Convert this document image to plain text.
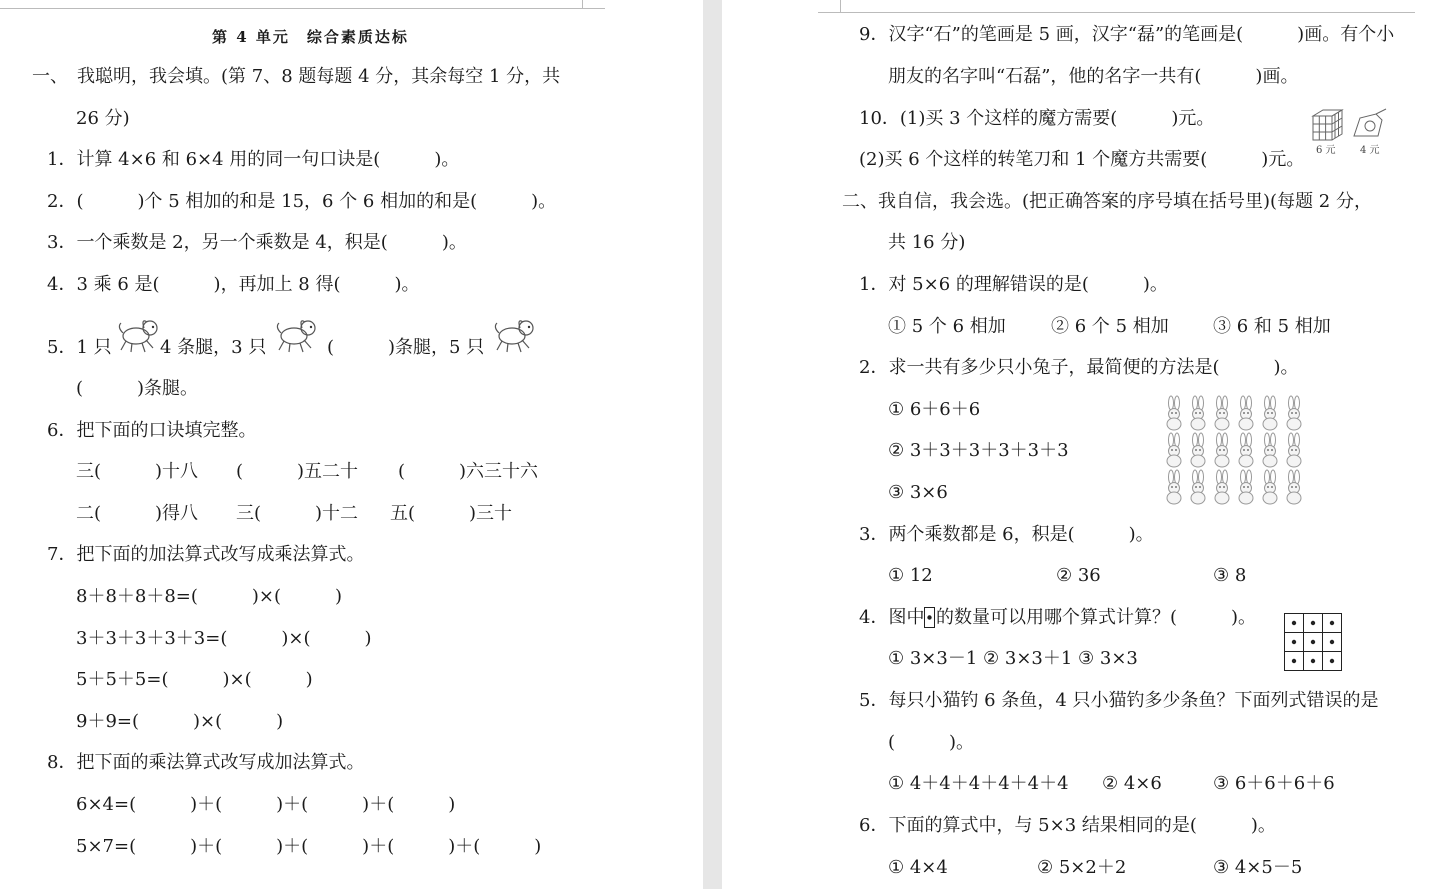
第 4 单元　综合素质达标
一、　我聪明，我会填。(第 7、8 题每题 4 分，其余每空 1 分，共
26 分)
1．计算 4×6 和 6×4 用的同一句口诀是(　　　)。
2．(　　　)个 5 相加的和是 15，6 个 6 相加的和是(　　　)。
3．一个乘数是 2，另一个乘数是 4，积是(　　　)。
4．3 乘 6 是(　　　)，再加上 8 得(　　　)。
5．1 只	4 条腿，3 只	(　　　)条腿，5 只
(　　　)条腿。
6．把下面的口诀填完整。
三(　　　)十八 (　　　)五二十 (　　　)六三十六
二(　　　)得八 三(　　　)十二 五(　　　)三十
7．把下面的加法算式改写成乘法算式。
8＋8＋8＋8=(　　　)×(　　　)
3＋3＋3＋3＋3=(　　　)×(　　　)
5＋5＋5=(　　　)×(　　　)
9＋9=(　　　)×(　　　)
8．把下面的乘法算式改写成加法算式。
6×4=(　　　)＋(　　　)＋(　　　)＋(　　　)
5×7=(　　　)＋(　　　)＋(　　　)＋(　　　)＋(　　　)
9．汉字“石”的笔画是 5 画，汉字“磊”的笔画是(　　　)画。有个小
朋友的名字叫“石磊”，他的名字一共有(　　　)画。
10．(1)买 3 个这样的魔方需要(　　　)元。
(2)买 6 个这样的转笔刀和 1 个魔方共需要(　　　)元。 6 元 4 元
二、我自信，我会选。(把正确答案的序号填在括号里)(每题 2 分，
共 16 分)
1．对 5×6 的理解错误的是(　　　)。
① 5 个 6 相加	② 6 个 5 相加 ③ 6 和 5 相加
2．求一共有多少只小兔子，最简便的方法是(　　　)。
① 6＋6＋6
② 3＋3＋3＋3＋3＋3
③ 3×6
3．两个乘数都是 6，积是(　　　)。
① 12	② 36	③ 8
4．图中 的数量可以用哪个算式计算？(　　　)。
① 3×3－1 ② 3×3＋1 ③ 3×3
5．每只小猫钓 6 条鱼，4 只小猫钓多少条鱼？下面列式错误的是
(　　　)。
① 4＋4＋4＋4＋4＋4 ② 4×6	③ 6＋6＋6＋6
6．下面的算式中，与 5×3 结果相同的是(　　　)。
① 4×4	② 5×2＋2	③ 4×5－5
